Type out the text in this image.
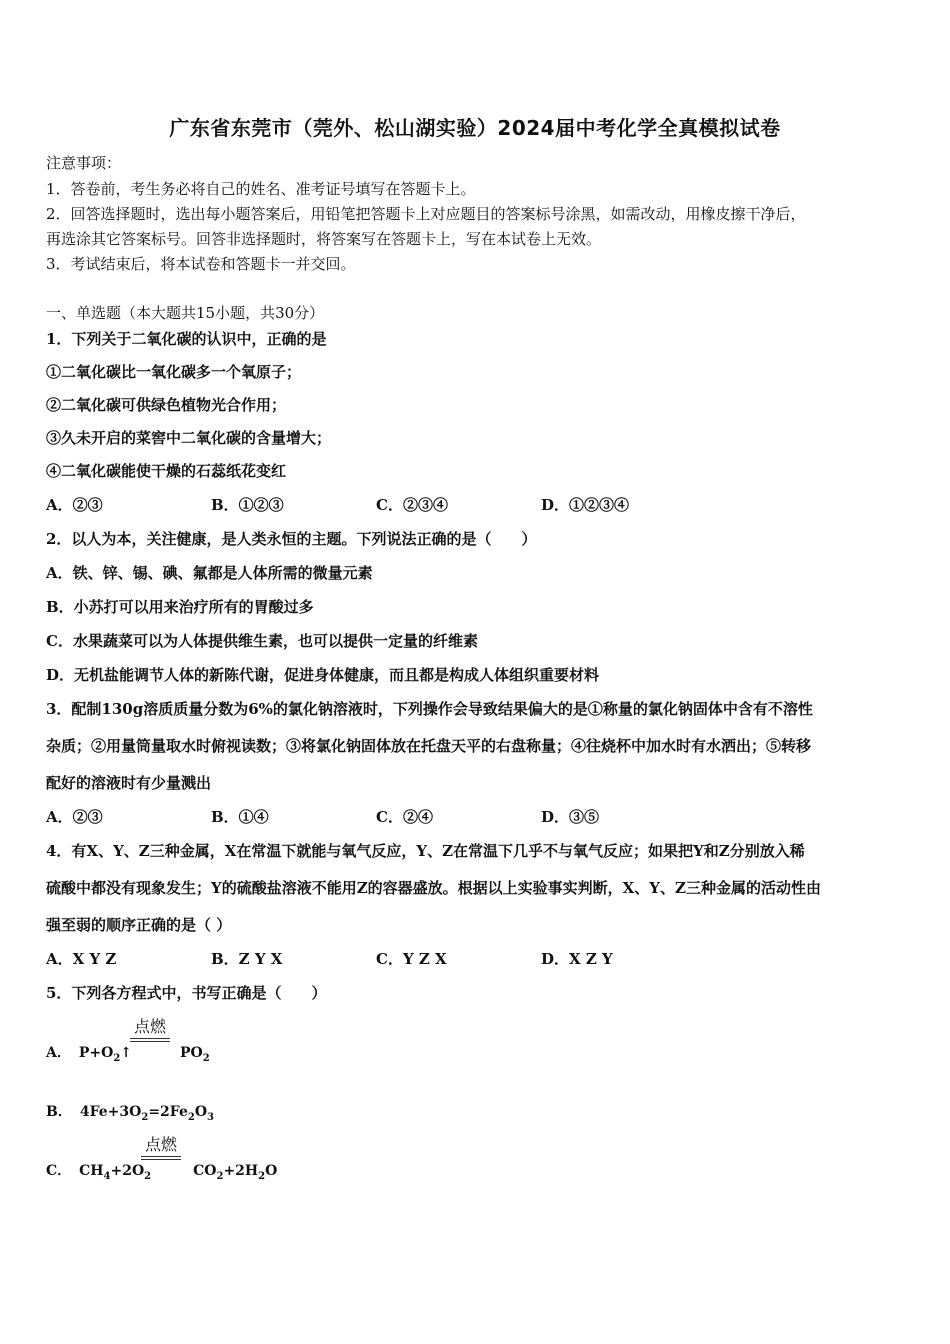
广东省东莞市（莞外、松山湖实验）2024届中考化学全真模拟试卷
注意事项：
1．答卷前，考生务必将自己的姓名、准考证号填写在答题卡上。
2．回答选择题时，选出每小题答案后，用铅笔把答题卡上对应题目的答案标号涂黑，如需改动，用橡皮擦干净后，
再选涂其它答案标号。回答非选择题时，将答案写在答题卡上，写在本试卷上无效。
3．考试结束后，将本试卷和答题卡一并交回。
一、单选题（本大题共15小题，共30分）
1．下列关于二氧化碳的认识中，正确的是
①二氧化碳比一氧化碳多一个氧原子；
②二氧化碳可供绿色植物光合作用；
③久未开启的菜窖中二氧化碳的含量增大；
④二氧化碳能使干燥的石蕊纸花变红
A．②③	B．①②③	C．②③④	D．①②③④
2．以人为本，关注健康，是人类永恒的主题。下列说法正确的是（　　）
A．铁、锌、锡、碘、氟都是人体所需的微量元素
B．小苏打可以用来治疗所有的胃酸过多
C．水果蔬菜可以为人体提供维生素，也可以提供一定量的纤维素
D．无机盐能调节人体的新陈代谢，促进身体健康，而且都是构成人体组织重要材料
3．配制130g溶质质量分数为6%的氯化钠溶液时，下列操作会导致结果偏大的是①称量的氯化钠固体中含有不溶性
杂质；②用量筒量取水时俯视读数；③将氯化钠固体放在托盘天平的右盘称量；④往烧杯中加水时有水洒出；⑤转移
配好的溶液时有少量溅出
A．②③	B．①④	C．②④	D．③⑤
4．有X、Y、Z三种金属，X在常温下就能与氧气反应，Y、Z在常温下几乎不与氧气反应；如果把Y和Z分别放入稀
硫酸中都没有现象发生；Y的硫酸盐溶液不能用Z的容器盛放。根据以上实验事实判断，X、Y、Z三种金属的活动性由
强至弱的顺序正确的是（ ）
A．X Y Z	B．Z Y X	C．Y Z X	D．X Z Y
5．下列各方程式中，书写正确是（　　）
点燃
A． $P+O_2↑$	$PO_2$
B． $4Fe+3O_2=2Fe_2O_3$
点燃
C． $CH_4+2O_2$	$CO_2+2H_2O$
